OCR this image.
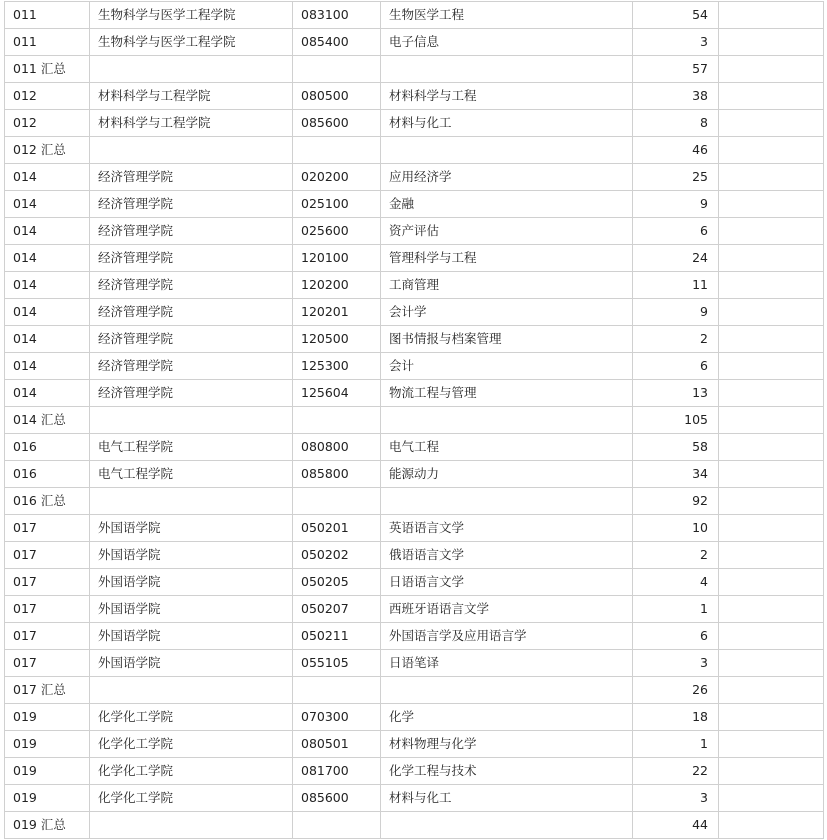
011	生物科学与医学工程学院	083100	生物医学工程	54	
011	生物科学与医学工程学院	085400	电子信息	3	
011 汇总				57	
012	材料科学与工程学院	080500	材料科学与工程	38	
012	材料科学与工程学院	085600	材料与化工	8	
012 汇总				46	
014	经济管理学院	020200	应用经济学	25	
014	经济管理学院	025100	金融	9	
014	经济管理学院	025600	资产评估	6	
014	经济管理学院	120100	管理科学与工程	24	
014	经济管理学院	120200	工商管理	11	
014	经济管理学院	120201	会计学	9	
014	经济管理学院	120500	图书情报与档案管理	2	
014	经济管理学院	125300	会计	6	
014	经济管理学院	125604	物流工程与管理	13	
014 汇总				105	
016	电气工程学院	080800	电气工程	58	
016	电气工程学院	085800	能源动力	34	
016 汇总				92	
017	外国语学院	050201	英语语言文学	10	
017	外国语学院	050202	俄语语言文学	2	
017	外国语学院	050205	日语语言文学	4	
017	外国语学院	050207	西班牙语语言文学	1	
017	外国语学院	050211	外国语言学及应用语言学	6	
017	外国语学院	055105	日语笔译	3	
017 汇总				26	
019	化学化工学院	070300	化学	18	
019	化学化工学院	080501	材料物理与化学	1	
019	化学化工学院	081700	化学工程与技术	22	
019	化学化工学院	085600	材料与化工	3	
019 汇总				44	
